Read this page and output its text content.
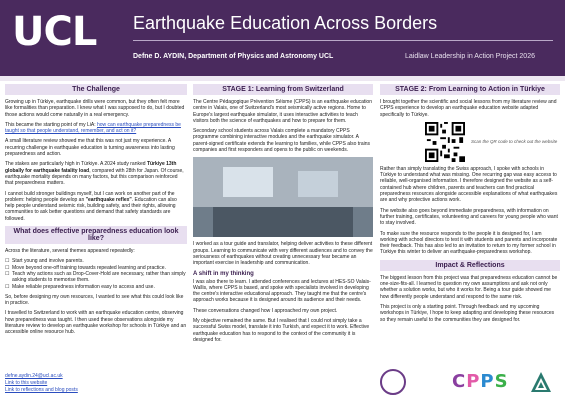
UCL Earthquake Education Across Borders
Defne D. AYDIN, Department of Physics and Astronomy UCL	Laidlaw Leadership in Action Project 2026
The Challenge

Growing up in Türkiye, earthquake drills were common, but they often felt more like formalities than preparation. I knew what I was supposed to do, but I doubted those actions would come naturally in a real emergency.

This became the starting point of my LiA: how can earthquake preparedness be taught so that people understand, remember, and act on it?

A small literature review showed me that this was not just my experience. A recurring challenge in earthquake education is turning awareness into lasting preparedness and action.

The stakes are particularly high in Türkiye. A 2024 study ranked Türkiye 13th globally for earthquake fatality load, compared with 28th for Japan. Of course, earthquake mortality depends on many factors, but this comparison reinforced that preparedness matters.

I cannot build stronger buildings myself, but I can work on another part of the problem: helping people develop an "earthquake reflex". Education can also help people understand seismic risk, building safety, and their rights, allowing communities to ask better questions and demand that safety standards are followed.

What does effective preparedness education look like?

Across the literature, several themes appeared repeatedly:

☐ Start young and involve parents.
☐ Move beyond one-off training towards repeated learning and practice.
☐ Teach why actions such as Drop-Cover-Hold are necessary, rather than simply asking students to memorise them.
☐ Make reliable preparedness information easy to access and use.

So, before designing my own resources, I wanted to see what this could look like in practice.

I travelled to Switzerland to work with an earthquake education centre, observing how preparedness was taught. I then used these observations alongside my literature review to develop an earthquake workshop for schools in Türkiye and an accessible online resource hub.

defne.aydin.24@ucl.ac.uk
Link to this website
Link to reflections and blog posts
STAGE 1: Learning from Switzerland

The Centre Pédagogique Prévention Séisme (CPPS) is an earthquake education centre in Valais, one of Switzerland's most seismically active regions. Home to Europe's largest earthquake simulator, it uses interactive activities to teach visitors both the science of earthquakes and how to prepare for them.

Secondary school students across Valais complete a mandatory CPPS programme combining interactive modules and the earthquake simulator. A parent-signed certificate extends the learning to families, while CPPS also trains companies and first responders and opens to the public on weekends.

I worked as a tour guide and translator, helping deliver activities to these different groups. Learning to communicate with very different audiences and to convey the seriousness of earthquakes without creating unnecessary fear became an important exercise in leadership and communication.

A shift in my thinking

I was also there to learn. I attended conferences and lectures at HES-SO Valais-Wallis, where CPPS is based, and spoke with specialists involved in developing the centre's interactive educational approach. They taught me that the centre's approach works because it is designed around its audience and their needs.

These conversations changed how I approached my own project.

My objective remained the same. But I realised that I could not simply take a successful Swiss model, translate it into Turkish, and expect it to work. Effective earthquake education has to respond to the context of the community it is designed for.

STAGE 2: From Learning to Action in Türkiye

I brought together the scientific and social lessons from my literature review and CPPS experience to develop an earthquake education website adapted specifically to Türkiye.

Scan the QR code to check out the website

Rather than simply translating the Swiss approach, I spoke with schools in Türkiye to understand what was missing. One recurring gap was easy access to reliable, well-organised information. I therefore designed the website as a self-contained hub where children, parents and teachers can find practical preparedness resources alongside accessible explanations of what earthquakes are and why protective actions work.

The website also goes beyond immediate preparedness, with information on further training, certificates, volunteering and careers for young people who want to stay involved.

To make sure the resource responds to the people it is designed for, I am working with school directors to test it with students and parents and incorporate their feedback. This has also led to an invitation to return to my former school in Türkiye this winter to deliver an earthquake-preparedness workshop.

Impact & Reflections

The biggest lesson from this project was that preparedness education cannot be one-size-fits-all. I learned to question my own assumptions and ask not only whether a solution works, but who it works for. Being a tour guide showed me how differently people understand and respond to the same risk.

This project is only a starting point. Through feedback and my upcoming workshops in Türkiye, I hope to keep adapting and developing these resources so they remain useful to the communities they are designed for.

CPPS
